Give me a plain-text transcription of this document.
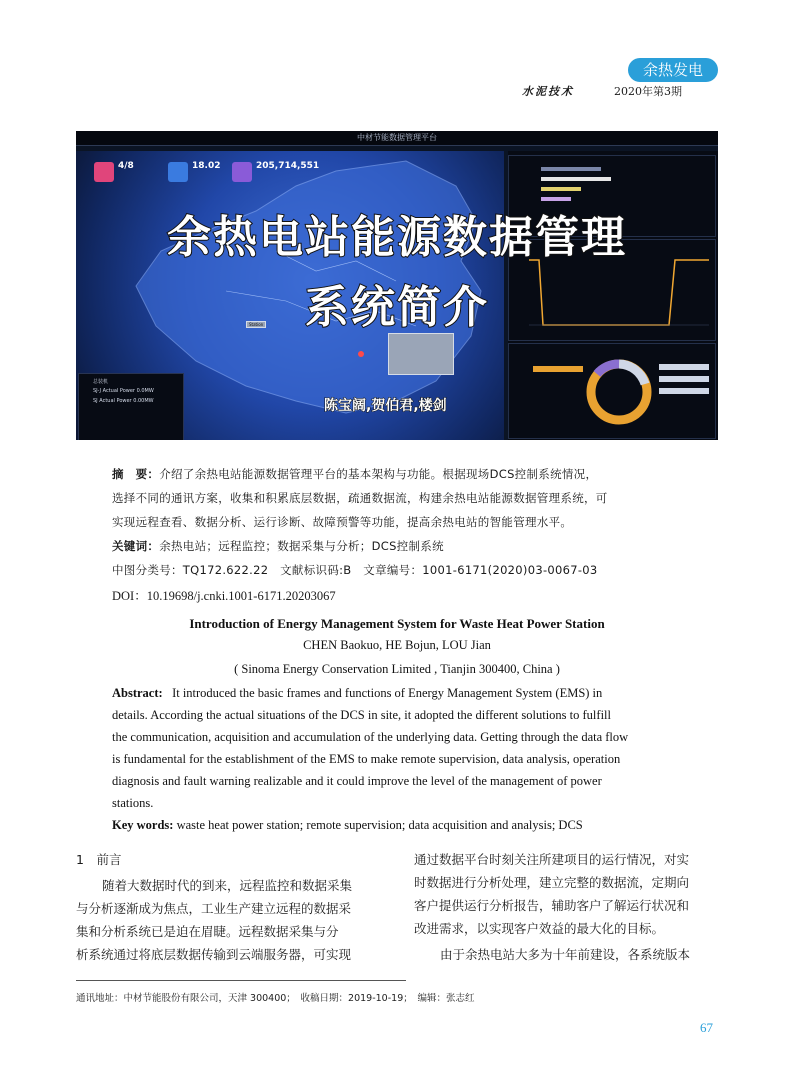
余热发电
水泥技术	2020年第3期
中材节能数据管理平台
Station
4/8	18.02	205,714,551
总装机
SJ-J Actual Power 0.0MW
SJ Actual Power 0.00MW
余热电站能源数据管理
系统简介
陈宝阔,贺伯君,楼剑
摘　要：介绍了余热电站能源数据管理平台的基本架构与功能。根据现场DCS控制系统情况，
选择不同的通讯方案，收集和积累底层数据，疏通数据流，构建余热电站能源数据管理系统，可
实现远程查看、数据分析、运行诊断、故障预警等功能，提高余热电站的智能管理水平。
关键词：余热电站；远程监控；数据采集与分析；DCS控制系统
中图分类号：TQ172.622.22　文献标识码:B　文章编号：1001-6171(2020)03-0067-03
DOI：10.19698/j.cnki.1001-6171.20203067
Introduction of Energy Management System for Waste Heat Power Station
CHEN Baokuo, HE Bojun, LOU Jian
( Sinoma Energy Conservation Limited , Tianjin 300400, China )
Abstract: It introduced the basic frames and functions of Energy Management System (EMS) in
details. According the actual situations of the DCS in site, it adopted the different solutions to fulfill
the communication, acquisition and accumulation of the underlying data. Getting through the data flow
is fundamental for the establishment of the EMS to make remote supervision, data analysis, operation
diagnosis and fault warning realizable and it could improve the level of the management of power
stations.
Key words: waste heat power station; remote supervision; data acquisition and analysis; DCS
1　前言
随着大数据时代的到来，远程监控和数据采集
与分析逐渐成为焦点，工业生产建立远程的数据采
集和分析系统已是迫在眉睫。远程数据采集与分
析系统通过将底层数据传输到云端服务器，可实现
通过数据平台时刻关注所建项目的运行情况，对实
时数据进行分析处理，建立完整的数据流，定期向
客户提供运行分析报告，辅助客户了解运行状况和
改进需求，以实现客户效益的最大化的目标。
由于余热电站大多为十年前建设，各系统版本
通讯地址：中材节能股份有限公司，天津 300400；　收稿日期：2019-10-19；　编辑：张志红
67
